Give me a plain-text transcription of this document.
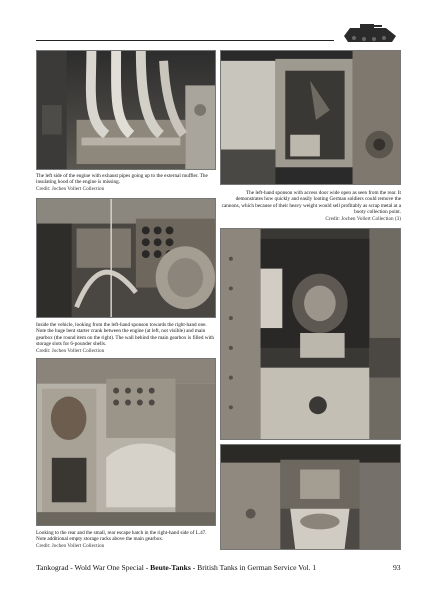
The left side of the engine with exhaust pipes going up to the external muffler. The insulating hood of the engine is missing.
Credit: Jochen Vollert Collection
The left-hand sponson with access door wide open as seen from the rear. It demonstrates how quickly and easily looting German soldiers could remove the cannons, which because of their heavy weight would sell profitably as scrap metal at a booty collection point.
Credit: Jochen Vollert Collection (3)
Inside the vehicle, looking from the left-hand sponson towards the right-hand one. Note the huge bent starter crank between the engine (at left, not visible) and main gearbox (the round item on the right). The wall behind the main gearbox is filled with storage slots for 6-pounder shells.
Credit: Jochen Vollert Collection
Looking to the rear and the small, rear escape hatch in the right-hand side of L.47. Note additional empty storage racks above the main gearbox.
Credit: Jochen Vollert Collection
Tankograd - Wold War One Special - Beute-Tanks - British Tanks in German Service Vol. 1	93
